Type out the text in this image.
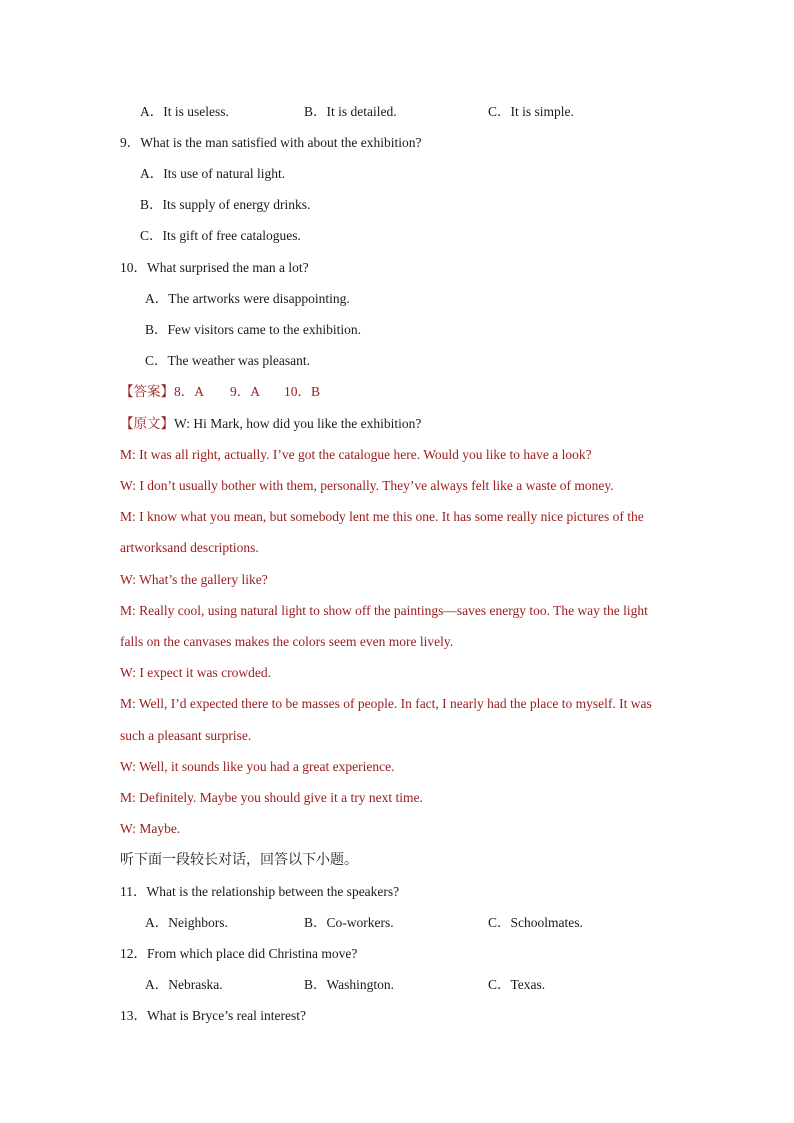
A．It is useless.	B．It is detailed.	C．It is simple.
9．What is the man satisfied with about the exhibition?
A．Its use of natural light.
B．Its supply of energy drinks.
C．Its gift of free catalogues.
10．What surprised the man a lot?
A．The artworks were disappointing.
B．Few visitors came to the exhibition.
C．The weather was pleasant.
【答案】8．A 9．A 10．B
【原文】W: Hi Mark, how did you like the exhibition?
M: It was all right, actually. I’ve got the catalogue here. Would you like to have a look?
W: I don’t usually bother with them, personally. They’ve always felt like a waste of money.
M: I know what you mean, but somebody lent me this one. It has some really nice pictures of the
artworksand descriptions.
W: What’s the gallery like?
M: Really cool, using natural light to show off the paintings—saves energy too. The way the light
falls on the canvases makes the colors seem even more lively.
W: I expect it was crowded.
M: Well, I’d expected there to be masses of people. In fact, I nearly had the place to myself. It was
such a pleasant surprise.
W: Well, it sounds like you had a great experience.
M: Definitely. Maybe you should give it a try next time.
W: Maybe.
听下面一段较长对话，回答以下小题。
11．What is the relationship between the speakers?
A．Neighbors.	B．Co-workers.	C．Schoolmates.
12．From which place did Christina move?
A．Nebraska.	B．Washington.	C．Texas.
13．What is Bryce’s real interest?
